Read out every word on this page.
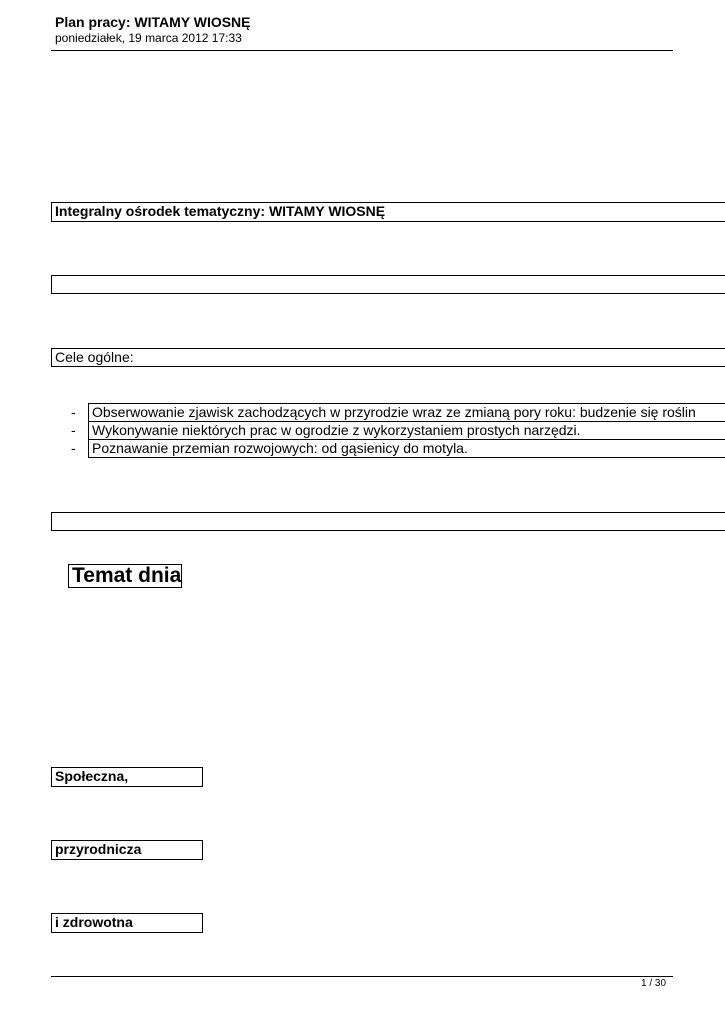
Plan pracy: WITAMY WIOSNĘ
poniedziałek, 19 marca 2012 17:33
Integralny ośrodek tematyczny: WITAMY WIOSNĘ
Cele ogólne:
- Obserwowanie zjawisk zachodzących w przyrodzie wraz ze zmianą pory roku: budzenie się roślin
- Wykonywanie niektórych prac w ogrodzie z wykorzystaniem prostych narzędzi.
- Poznawanie przemian rozwojowych: od gąsienicy do motyla.
Temat dnia
Społeczna,
przyrodnicza
i zdrowotna
1 / 30
